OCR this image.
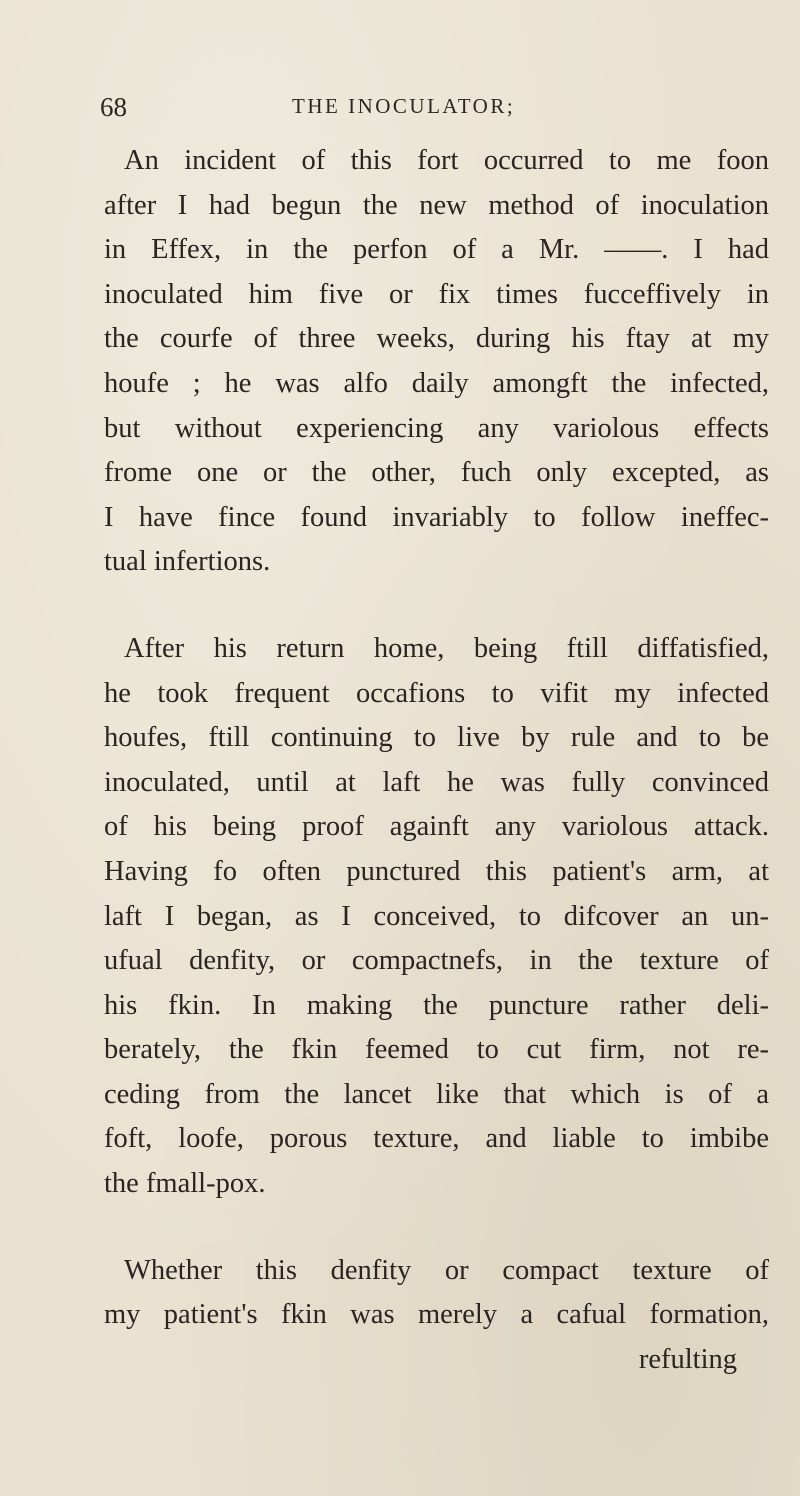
68	THE INOCULATOR;
An incident of this fort occurred to me foon
after I had begun the new method of inoculation
in Effex, in the perfon of a Mr. ——. I had
inoculated him five or fix times fucceffively in
the courfe of three weeks, during his ftay at my
houfe ; he was alfo daily amongft the infected,
but without experiencing any variolous effects
frome one or the other, fuch only excepted, as
I have fince found invariably to follow ineffec-
tual infertions.
After his return home, being ftill diffatisfied,
he took frequent occafions to vifit my infected
houfes, ftill continuing to live by rule and to be
inoculated, until at laft he was fully convinced
of his being proof againft any variolous attack.
Having fo often punctured this patient's arm, at
laft I began, as I conceived, to difcover an un-
ufual denfity, or compactnefs, in the texture of
his fkin. In making the puncture rather deli-
berately, the fkin feemed to cut firm, not re-
ceding from the lancet like that which is of a
foft, loofe, porous texture, and liable to imbibe
the fmall-pox.
Whether this denfity or compact texture of
my patient's fkin was merely a cafual formation,
refulting
